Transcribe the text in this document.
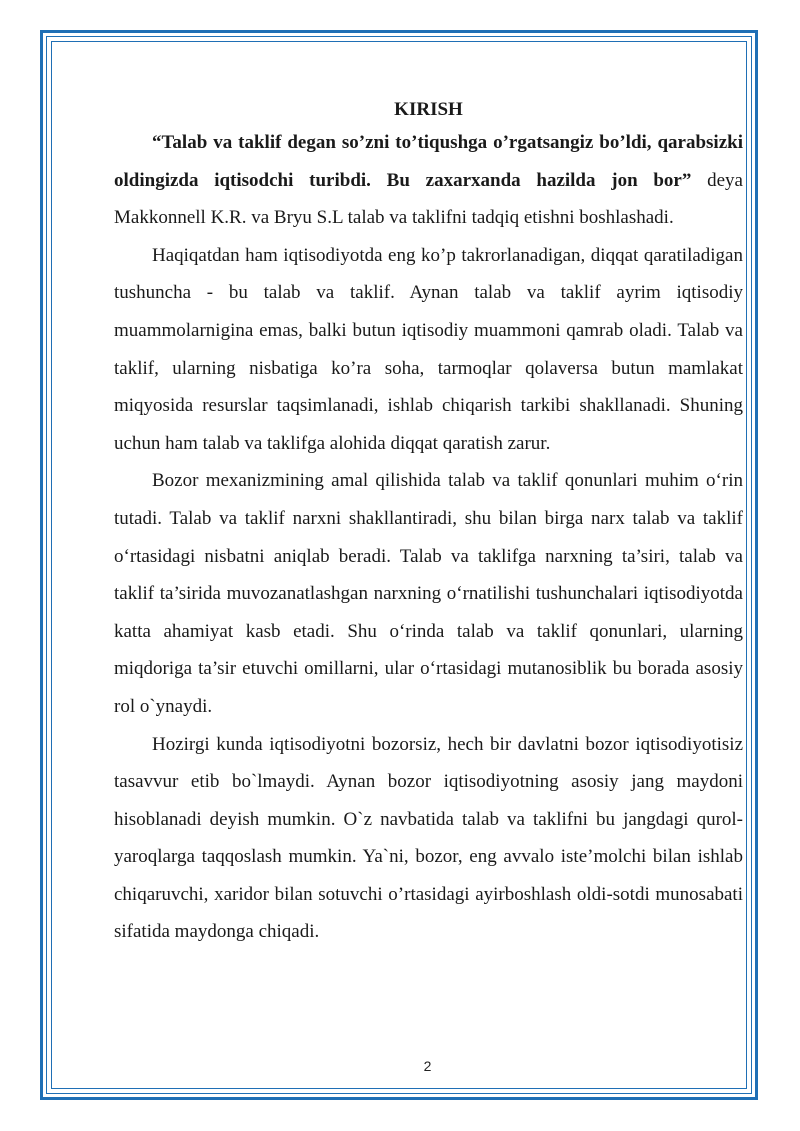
KIRISH

“Talab va taklif degan so’zni to’tiqushga o’rgatsangiz bo’ldi, qarabsizki oldingizda iqtisodchi turibdi. Bu zaxarxanda hazilda jon bor” deya Makkonnell K.R. va Bryu S.L talab va taklifni tadqiq etishni boshlashadi.

Haqiqatdan ham iqtisodiyotda eng ko’p takrorlanadigan, diqqat qaratiladigan tushuncha - bu talab va taklif. Aynan talab va taklif ayrim iqtisodiy muammolarnigina emas, balki butun iqtisodiy muammoni qamrab oladi. Talab va taklif, ularning nisbatiga ko’ra soha, tarmoqlar qolaversa butun mamlakat miqyosida resurslar taqsimlanadi, ishlab chiqarish tarkibi shakllanadi. Shuning uchun ham talab va taklifga alohida diqqat qaratish zarur.

Bozor mexanizmining amal qilishida talab va taklif qonunlari muhim o‘rin tutadi. Talab va taklif narxni shakllantiradi, shu bilan birga narx talab va taklif o‘rtasidagi nisbatni aniqlab beradi. Talab va taklifga narxning ta’siri, talab va taklif ta’sirida muvozanatlashgan narxning o‘rnatilishi tushunchalari iqtisodiyotda katta ahamiyat kasb etadi. Shu o‘rinda talab va taklif qonunlari, ularning miqdoriga ta’sir etuvchi omillarni, ular o‘rtasidagi mutanosiblik bu borada asosiy rol o`ynaydi.

Hozirgi kunda iqtisodiyotni bozorsiz, hech bir davlatni bozor iqtisodiyotisiz tasavvur etib bo`lmaydi. Aynan bozor iqtisodiyotning asosiy jang maydoni hisoblanadi deyish mumkin. O`z navbatida talab va taklifni bu jangdagi qurol-yaroqlarga taqqoslash mumkin. Ya`ni, bozor, eng avvalo iste’molchi bilan ishlab chiqaruvchi, xaridor bilan sotuvchi o’rtasidagi ayirboshlash oldi-sotdi munosabati sifatida maydonga chiqadi.

2
